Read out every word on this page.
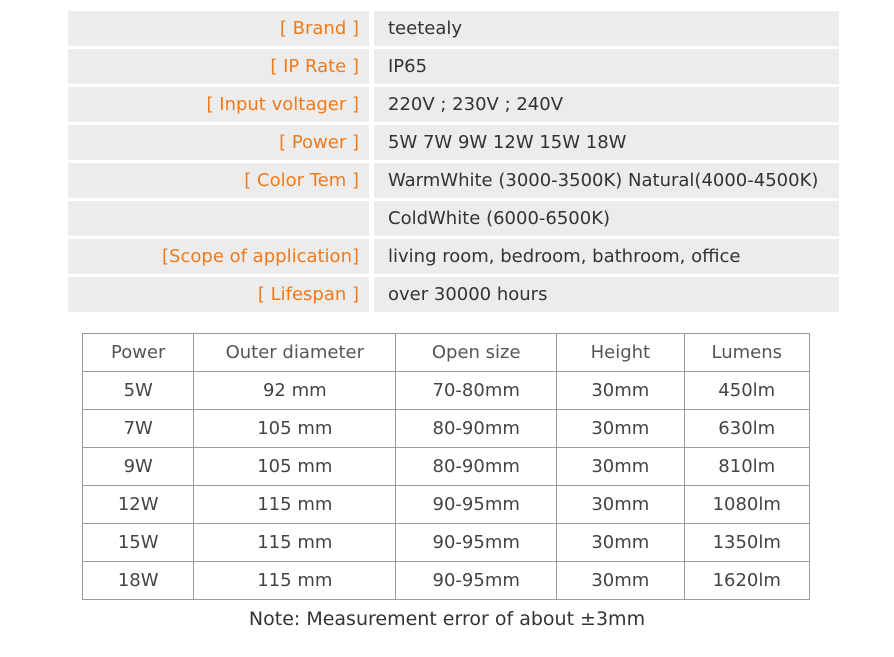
[ Brand ]	teetealy
[ IP Rate ]	IP65
[ Input voltager ]	220V ; 230V ; 240V
[ Power ]	5W 7W 9W 12W 15W 18W
[ Color Tem ]	WarmWhite (3000-3500K) Natural(4000-4500K)
ColdWhite (6000-6500K)
[Scope of application]	living room, bedroom, bathroom, office
[ Lifespan ]	over 30000 hours
Power	Outer diameter	Open size	Height	Lumens
5W	92 mm	70-80mm	30mm	450lm
7W	105 mm	80-90mm	30mm	630lm
9W	105 mm	80-90mm	30mm	810lm
12W	115 mm	90-95mm	30mm	1080lm
15W	115 mm	90-95mm	30mm	1350lm
18W	115 mm	90-95mm	30mm	1620lm
Note: Measurement error of about ±3mm
